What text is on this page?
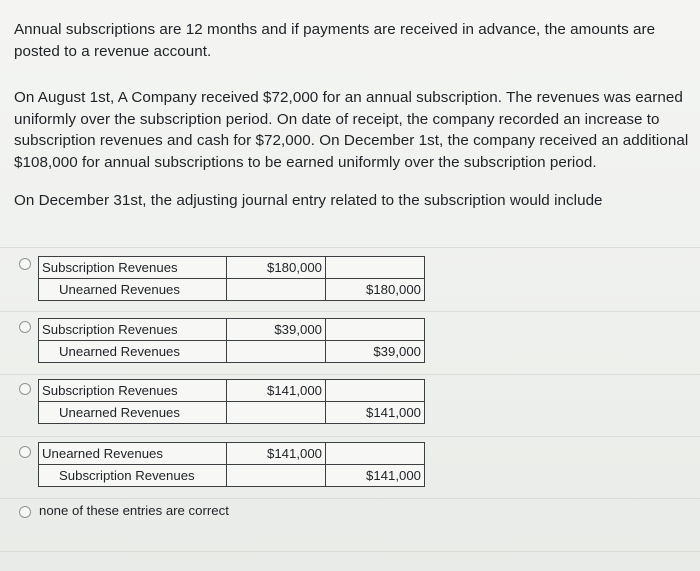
Annual subscriptions are 12 months and if payments are received in advance, the amounts are posted to a revenue account.

On August 1st, A Company received $72,000 for an annual subscription. The revenues was earned uniformly over the subscription period. On date of receipt, the company recorded an increase to subscription revenues and cash for $72,000. On December 1st, the company received an additional $108,000 for annual subscriptions to be earned uniformly over the subscription period.

On December 31st, the adjusting journal entry related to the subscription would include

Subscription Revenues	$180,000	
Unearned Revenues		$180,000
Subscription Revenues	$39,000	
Unearned Revenues		$39,000
Subscription Revenues	$141,000	
Unearned Revenues		$141,000
Unearned Revenues	$141,000	
Subscription Revenues		$141,000
none of these entries are correct
